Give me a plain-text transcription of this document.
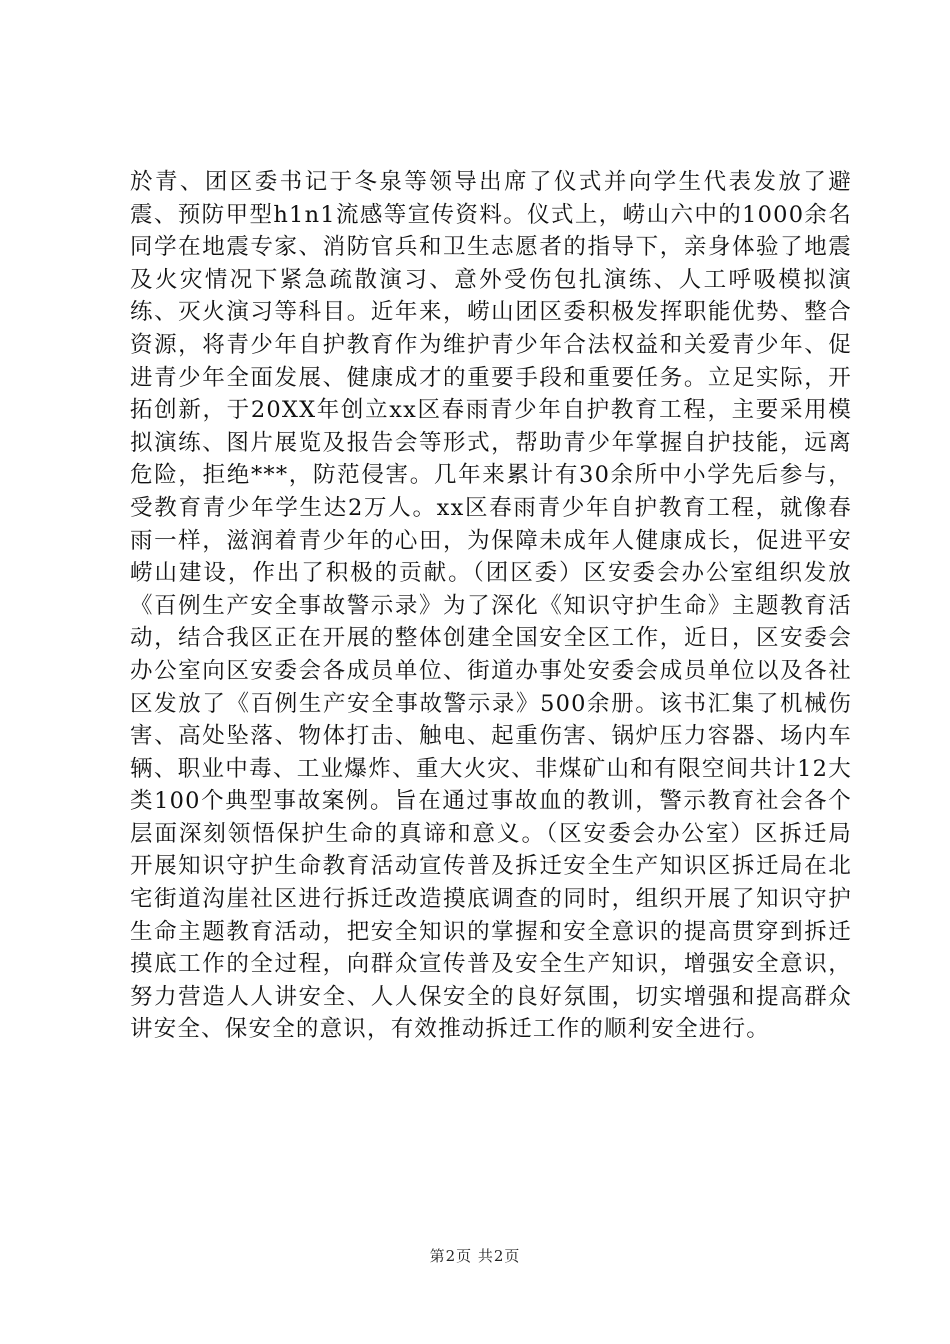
於青、团区委书记于冬泉等领导出席了仪式并向学生代表发放了避震、预防甲型h1n1流感等宣传资料。仪式上，崂山六中的1000余名同学在地震专家、消防官兵和卫生志愿者的指导下，亲身体验了地震及火灾情况下紧急疏散演习、意外受伤包扎演练、人工呼吸模拟演练、灭火演习等科目。近年来，崂山团区委积极发挥职能优势、整合资源，将青少年自护教育作为维护青少年合法权益和关爱青少年、促进青少年全面发展、健康成才的重要手段和重要任务。立足实际，开拓创新，于20XX年创立xx区春雨青少年自护教育工程，主要采用模拟演练、图片展览及报告会等形式，帮助青少年掌握自护技能，远离危险，拒绝***，防范侵害。几年来累计有30余所中小学先后参与，受教育青少年学生达2万人。xx区春雨青少年自护教育工程，就像春雨一样，滋润着青少年的心田，为保障未成年人健康成长，促进平安崂山建设，作出了积极的贡献。（团区委）区安委会办公室组织发放《百例生产安全事故警示录》为了深化《知识守护生命》主题教育活动，结合我区正在开展的整体创建全国安全区工作，近日，区安委会办公室向区安委会各成员单位、街道办事处安委会成员单位以及各社区发放了《百例生产安全事故警示录》500余册。该书汇集了机械伤害、高处坠落、物体打击、触电、起重伤害、锅炉压力容器、场内车辆、职业中毒、工业爆炸、重大火灾、非煤矿山和有限空间共计12大类100个典型事故案例。旨在通过事故血的教训，警示教育社会各个层面深刻领悟保护生命的真谛和意义。（区安委会办公室）区拆迁局开展知识守护生命教育活动宣传普及拆迁安全生产知识区拆迁局在北宅街道沟崖社区进行拆迁改造摸底调查的同时，组织开展了知识守护生命主题教育活动，把安全知识的掌握和安全意识的提高贯穿到拆迁摸底工作的全过程，向群众宣传普及安全生产知识，增强安全意识，努力营造人人讲安全、人人保安全的良好氛围，切实增强和提高群众讲安全、保安全的意识，有效推动拆迁工作的顺利安全进行。

第2页 共2页
